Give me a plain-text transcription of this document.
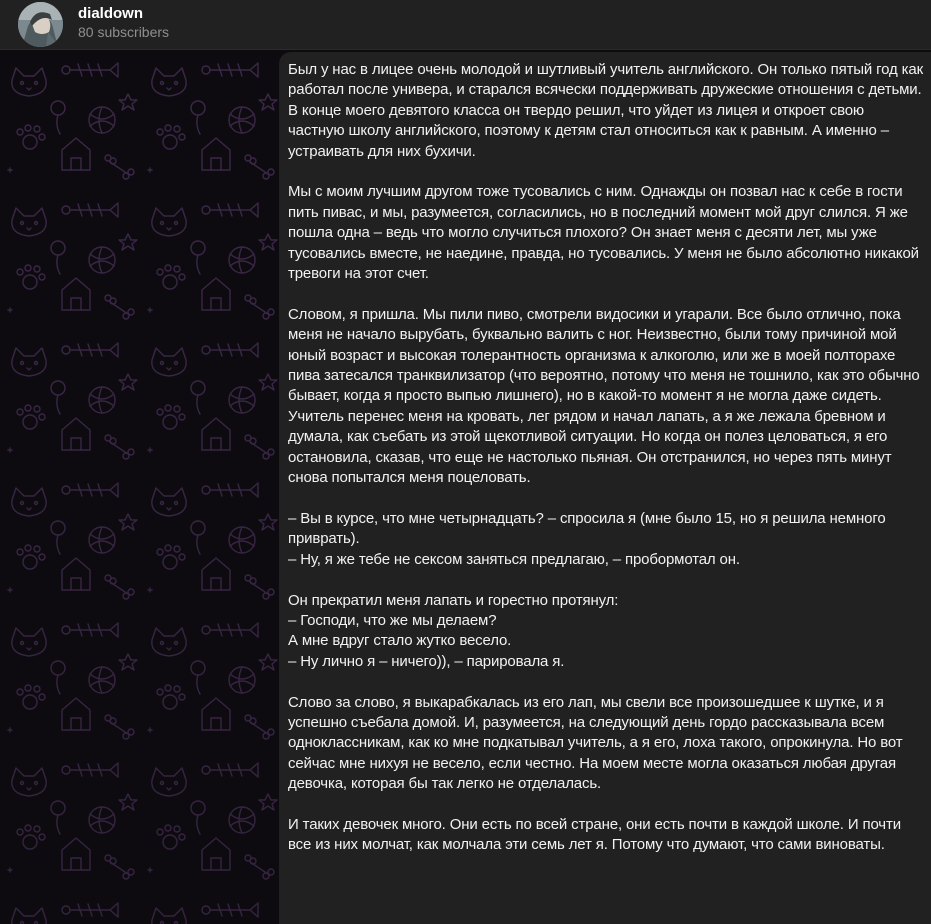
dialdown
80 subscribers

Был у нас в лицее очень молодой и шутливый учитель английского. Он только пятый год как работал после универа, и старался всячески поддерживать дружеские отношения с детьми. В конце моего девятого класса он твердо решил, что уйдет из лицея и откроет свою частную школу английского, поэтому к детям стал относиться как к равным. А именно – устраивать для них бухичи.

Мы с моим лучшим другом тоже тусовались с ним. Однажды он позвал нас к себе в гости пить пивас, и мы, разумеется, согласились, но в последний момент мой друг слился. Я же пошла одна – ведь что могло случиться плохого? Он знает меня с десяти лет, мы уже тусовались вместе, не наедине, правда, но тусовались. У меня не было абсолютно никакой тревоги на этот счет.

Словом, я пришла. Мы пили пиво, смотрели видосики и угарали. Все было отлично, пока меня не начало вырубать, буквально валить с ног. Неизвестно, были тому причиной мой юный возраст и высокая толерантность организма к алкоголю, или же в моей полторахе пива затесался транквилизатор (что вероятно, потому что меня не тошнило, как это обычно бывает, когда я просто выпью лишнего), но в какой-то момент я не могла даже сидеть. Учитель перенес меня на кровать, лег рядом и начал лапать, а я же лежала бревном и думала, как съебать из этой щекотливой ситуации. Но когда он полез целоваться, я его остановила, сказав, что еще не настолько пьяная. Он отстранился, но через пять минут снова попытался меня поцеловать.

– Вы в курсе, что мне четырнадцать? – спросила я (мне было 15, но я решила немного приврать).
– Ну, я же тебе не сексом заняться предлагаю, – пробормотал он.

Он прекратил меня лапать и горестно протянул:
– Господи, что же мы делаем?
А мне вдруг стало жутко весело.
– Ну лично я – ничего)), – парировала я.

Слово за слово, я выкарабкалась из его лап, мы свели все произошедшее к шутке, и я успешно съебала домой. И, разумеется, на следующий день гордо рассказывала всем одноклассникам, как ко мне подкатывал учитель, а я его, лоха такого, опрокинула. Но вот сейчас мне нихуя не весело, если честно. На моем месте могла оказаться любая другая девочка, которая бы так легко не отделалась.

И таких девочек много. Они есть по всей стране, они есть почти в каждой школе. И почти все из них молчат, как молчала эти семь лет я. Потому что думают, что сами виноваты.
